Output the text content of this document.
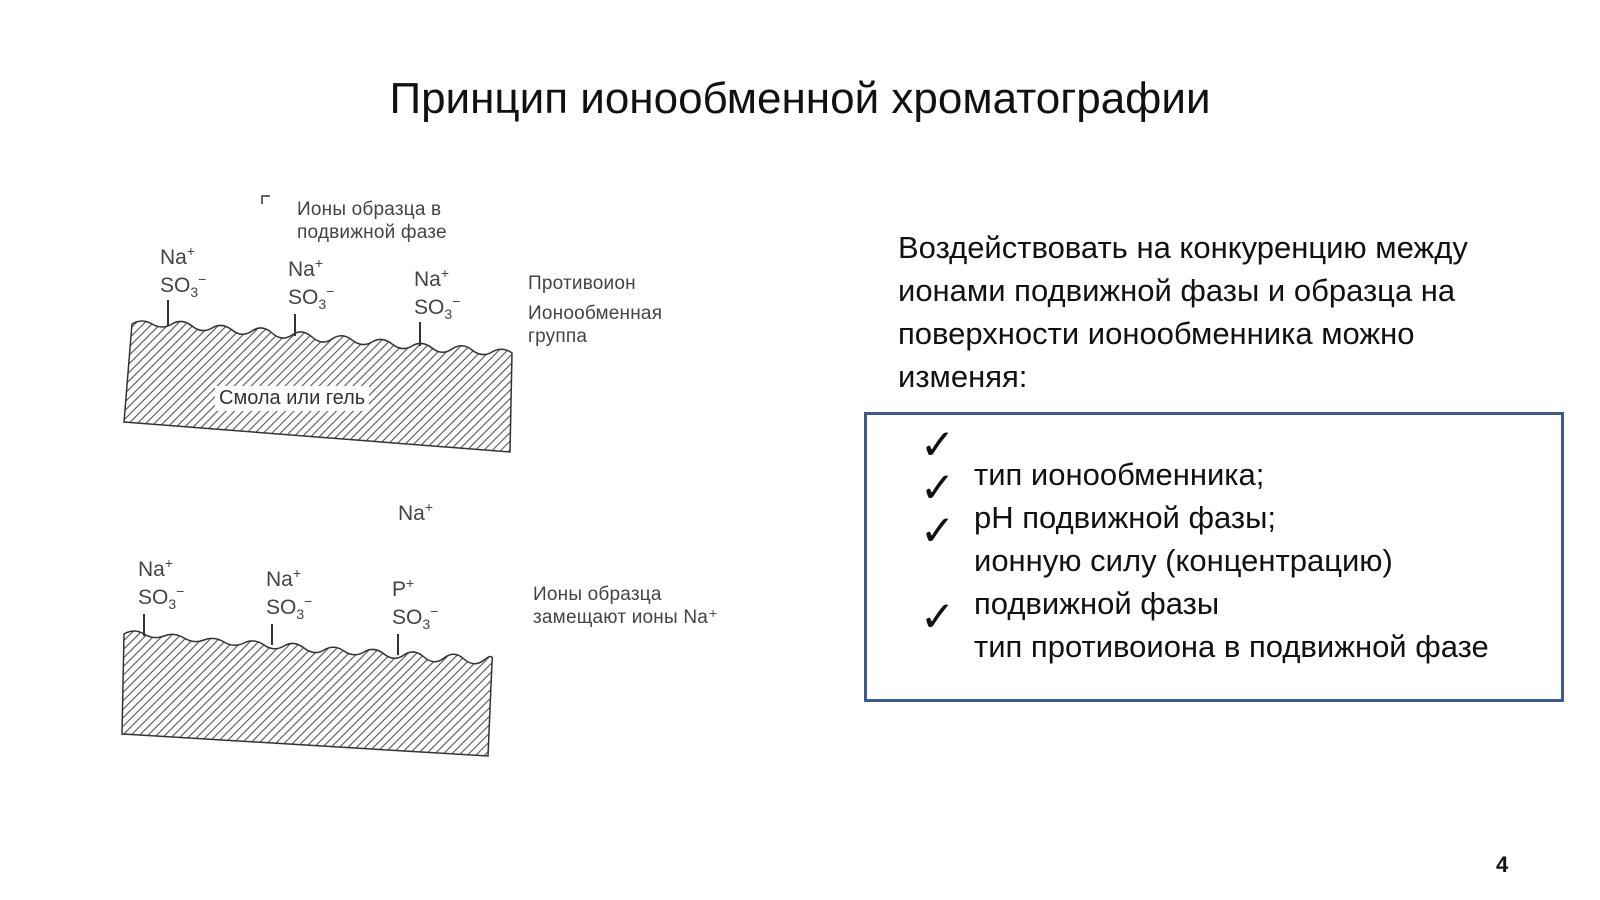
Принцип ионообменной хроматографии
Ионы образца в
подвижной фазе
Противоион
Ионообменная
группа
Смола или гель
Na+
$SO_3^-$	Na+
$SO_3^-$	Na+
$SO_3^-$
Na+
Ионы образца
замещают ионы Na⁺
Na+
$SO_3^-$	Na+
$SO_3^-$	P+
$SO_3^-$
Воздействовать на конкуренцию между
ионами подвижной фазы и образца на
поверхности ионообменника можно
изменяя:
✓
✓
✓
✓
тип ионообменника;
pH подвижной фазы;
ионную силу (концентрацию)
подвижной фазы
тип противоиона в подвижной фазе
4
